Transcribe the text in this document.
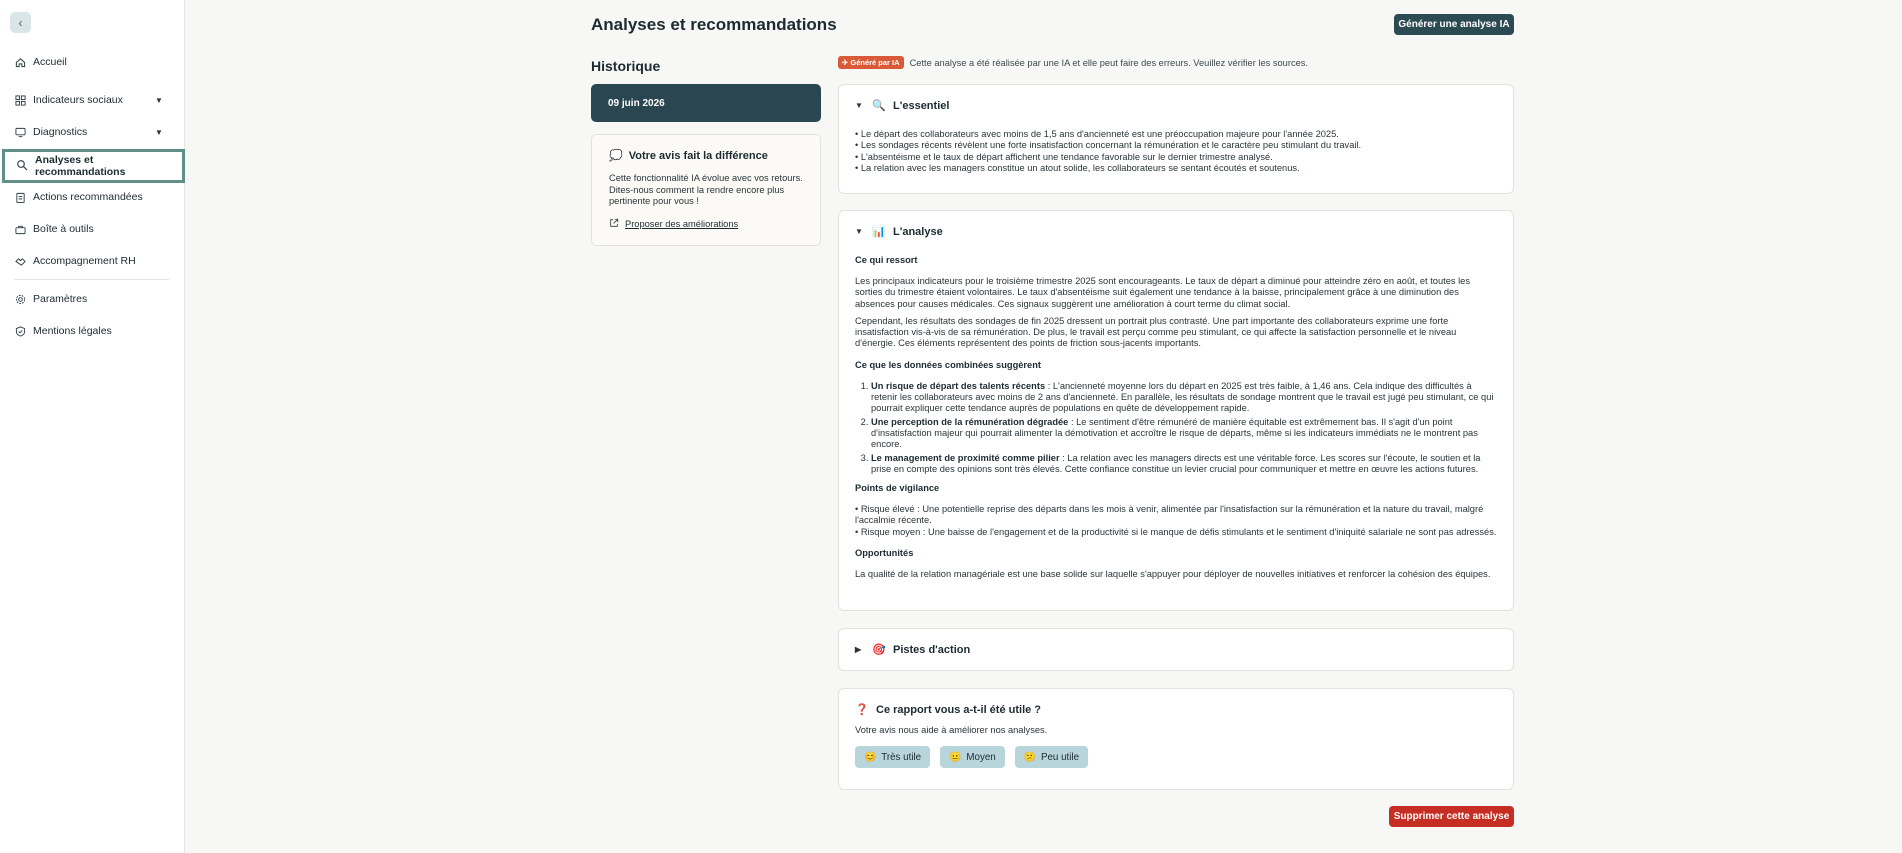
‹
Accueil
Indicateurs sociaux	▼
Diagnostics	▼
Analyses et recommandations
Actions recommandées
Boîte à outils
Accompagnement RH
Paramètres
Mentions légales
Analyses et recommandations	Générer une analyse IA
Historique
09 juin 2026
💭 Votre avis fait la différence
Cette fonctionnalité IA évolue avec vos retours. Dites-nous comment la rendre encore plus pertinente pour vous !
Proposer des améliorations
✈ Généré par IA	Cette analyse a été réalisée par une IA et elle peut faire des erreurs. Veuillez vérifier les sources.
▼ 🔍 L'essentiel
• Le départ des collaborateurs avec moins de 1,5 ans d'ancienneté est une préoccupation majeure pour l'année 2025.
• Les sondages récents révèlent une forte insatisfaction concernant la rémunération et le caractère peu stimulant du travail.
• L'absentéisme et le taux de départ affichent une tendance favorable sur le dernier trimestre analysé.
• La relation avec les managers constitue un atout solide, les collaborateurs se sentant écoutés et soutenus.
▼ 📊 L'analyse
Ce qui ressort
Les principaux indicateurs pour le troisième trimestre 2025 sont encourageants. Le taux de départ a diminué pour atteindre zéro en août, et toutes les sorties du trimestre étaient volontaires. Le taux d'absentéisme suit également une tendance à la baisse, principalement grâce à une diminution des absences pour causes médicales. Ces signaux suggèrent une amélioration à court terme du climat social.
Cependant, les résultats des sondages de fin 2025 dressent un portrait plus contrasté. Une part importante des collaborateurs exprime une forte insatisfaction vis-à-vis de sa rémunération. De plus, le travail est perçu comme peu stimulant, ce qui affecte la satisfaction personnelle et le niveau d'énergie. Ces éléments représentent des points de friction sous-jacents importants.
Ce que les données combinées suggèrent
1. Un risque de départ des talents récents : L'ancienneté moyenne lors du départ en 2025 est très faible, à 1,46 ans. Cela indique des difficultés à retenir les collaborateurs avec moins de 2 ans d'ancienneté. En parallèle, les résultats de sondage montrent que le travail est jugé peu stimulant, ce qui pourrait expliquer cette tendance auprès de populations en quête de développement rapide.
2. Une perception de la rémunération dégradée : Le sentiment d'être rémunéré de manière équitable est extrêmement bas. Il s'agit d'un point d'insatisfaction majeur qui pourrait alimenter la démotivation et accroître le risque de départs, même si les indicateurs immédiats ne le montrent pas encore.
3. Le management de proximité comme pilier : La relation avec les managers directs est une véritable force. Les scores sur l'écoute, le soutien et la prise en compte des opinions sont très élevés. Cette confiance constitue un levier crucial pour communiquer et mettre en œuvre les actions futures.
Points de vigilance
• Risque élevé : Une potentielle reprise des départs dans les mois à venir, alimentée par l'insatisfaction sur la rémunération et la nature du travail, malgré l'accalmie récente.
• Risque moyen : Une baisse de l'engagement et de la productivité si le manque de défis stimulants et le sentiment d'iniquité salariale ne sont pas adressés.
Opportunités
La qualité de la relation managériale est une base solide sur laquelle s'appuyer pour déployer de nouvelles initiatives et renforcer la cohésion des équipes.
▶ 🎯 Pistes d'action
❓ Ce rapport vous a-t-il été utile ?
Votre avis nous aide à améliorer nos analyses.
😊 Très utile	😐 Moyen	😕 Peu utile
Supprimer cette analyse
